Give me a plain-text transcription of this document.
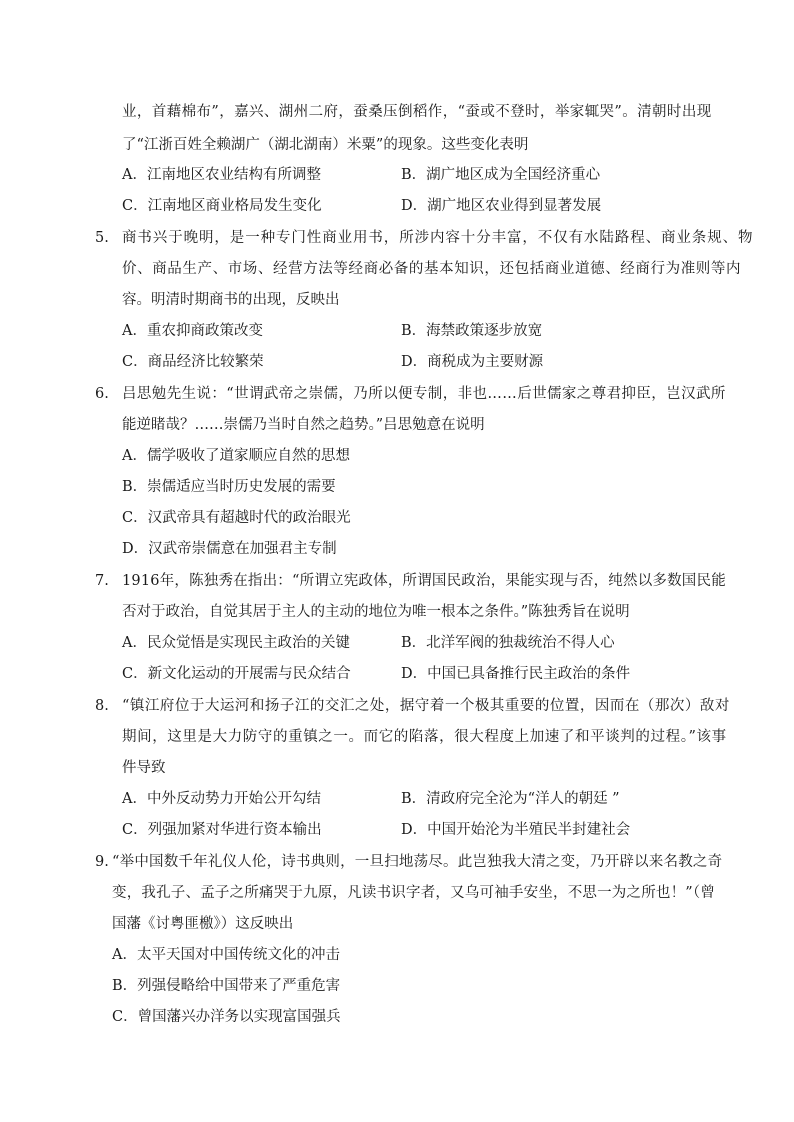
业，首藉棉布”，嘉兴、湖州二府，蚕桑压倒稻作，“蚕或不登时，举家辄哭”。清朝时出现
了“江浙百姓全赖湖广（湖北湖南）米粟”的现象。这些变化表明
A．江南地区农业结构有所调整	B．湖广地区成为全国经济重心
C．江南地区商业格局发生变化	D．湖广地区农业得到显著发展
5. 商书兴于晚明，是一种专门性商业用书，所涉内容十分丰富，不仅有水陆路程、商业条规、物
价、商品生产、市场、经营方法等经商必备的基本知识，还包括商业道德、经商行为准则等内
容。明清时期商书的出现，反映出
A．重农抑商政策改变	B．海禁政策逐步放宽
C．商品经济比较繁荣	D．商税成为主要财源
6. 吕思勉先生说：“世谓武帝之崇儒，乃所以便专制，非也……后世儒家之尊君抑臣，岂汉武所
能逆睹哉？……崇儒乃当时自然之趋势。”吕思勉意在说明
A．儒学吸收了道家顺应自然的思想
B．崇儒适应当时历史发展的需要
C．汉武帝具有超越时代的政治眼光
D．汉武帝崇儒意在加强君主专制
7. 1916年，陈独秀在指出：“所谓立宪政体，所谓国民政治，果能实现与否，纯然以多数国民能
否对于政治，自觉其居于主人的主动的地位为唯一根本之条件。”陈独秀旨在说明
A．民众觉悟是实现民主政治的关键	B．北洋军阀的独裁统治不得人心
C．新文化运动的开展需与民众结合	D．中国已具备推行民主政治的条件
8. “镇江府位于大运河和扬子江的交汇之处，据守着一个极其重要的位置，因而在（那次）敌对
期间，这里是大力防守的重镇之一。而它的陷落，很大程度上加速了和平谈判的过程。”该事
件导致
A．中外反动势力开始公开勾结	B．清政府完全沦为“洋人的朝廷 ”
C．列强加紧对华进行资本输出	D．中国开始沦为半殖民半封建社会
9. “举中国数千年礼仪人伦，诗书典则，一旦扫地荡尽。此岂独我大清之变，乃开辟以来名教之奇
变，我孔子、孟子之所痛哭于九原，凡读书识字者，又乌可袖手安坐，不思一为之所也！”（曾
国藩《讨粤匪檄》）这反映出
A．太平天国对中国传统文化的冲击
B．列强侵略给中国带来了严重危害
C．曾国藩兴办洋务以实现富国强兵
